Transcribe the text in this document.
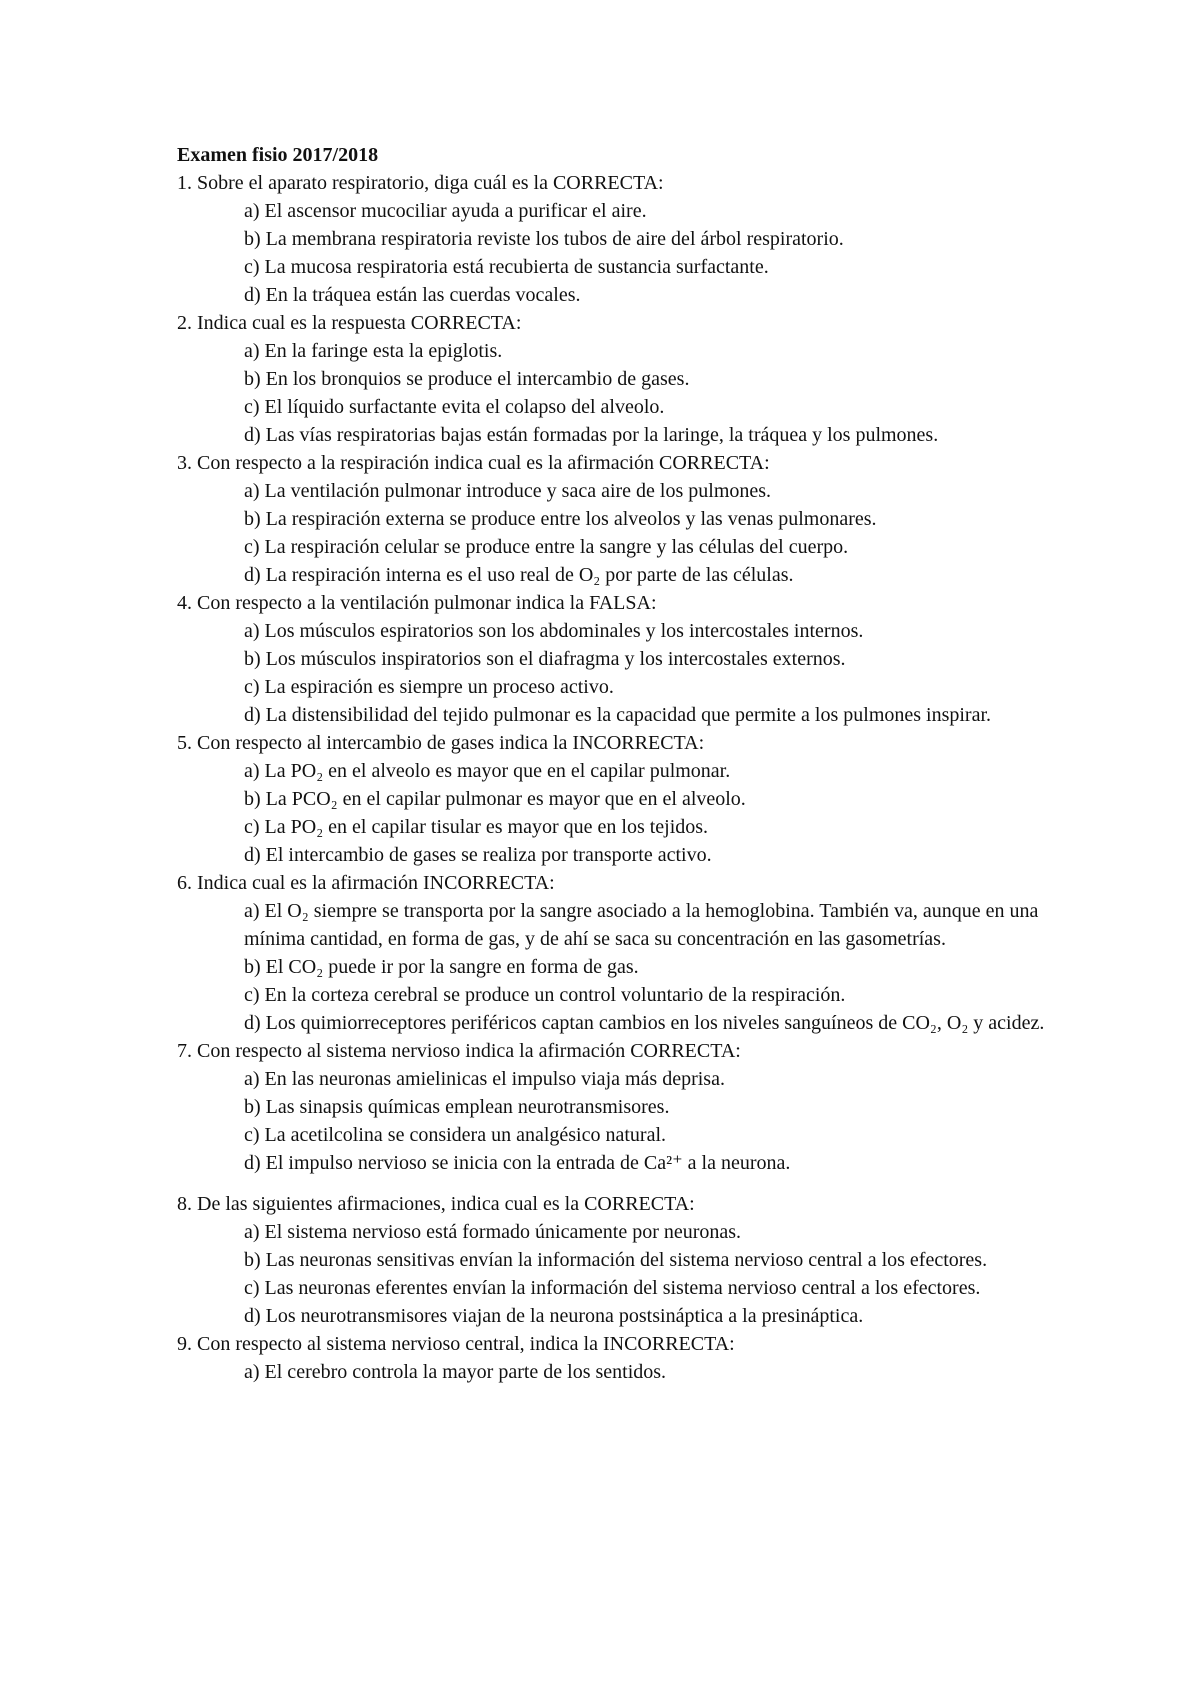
Examen fisio 2017/2018
1. Sobre el aparato respiratorio, diga cuál es la CORRECTA:
a) El ascensor mucociliar ayuda a purificar el aire.
b) La membrana respiratoria reviste los tubos de aire del árbol respiratorio.
c) La mucosa respiratoria está recubierta de sustancia surfactante.
d) En la tráquea están las cuerdas vocales.
2. Indica cual es la respuesta CORRECTA:
a) En la faringe esta la epiglotis.
b) En los bronquios se produce el intercambio de gases.
c) El líquido surfactante evita el colapso del alveolo.
d) Las vías respiratorias bajas están formadas por la laringe, la tráquea y los pulmones.
3. Con respecto a la respiración indica cual es la afirmación CORRECTA:
a) La ventilación pulmonar introduce y saca aire de los pulmones.
b) La respiración externa se produce entre los alveolos y las venas pulmonares.
c) La respiración celular se produce entre la sangre y las células del cuerpo.
d) La respiración interna es el uso real de O₂ por parte de las células.
4. Con respecto a la ventilación pulmonar indica la FALSA:
a) Los músculos espiratorios son los abdominales y los intercostales internos.
b) Los músculos inspiratorios son el diafragma y los intercostales externos.
c) La espiración es siempre un proceso activo.
d) La distensibilidad del tejido pulmonar es la capacidad que permite a los pulmones inspirar.
5. Con respecto al intercambio de gases indica la INCORRECTA:
a) La PO₂ en el alveolo es mayor que en el capilar pulmonar.
b) La PCO₂ en el capilar pulmonar es mayor que en el alveolo.
c) La PO₂ en el capilar tisular es mayor que en los tejidos.
d) El intercambio de gases se realiza por transporte activo.
6. Indica cual es la afirmación INCORRECTA:
a) El O₂ siempre se transporta por la sangre asociado a la hemoglobina. También va, aunque en una mínima cantidad, en forma de gas, y de ahí se saca su concentración en las gasometrías.
b) El CO₂ puede ir por la sangre en forma de gas.
c) En la corteza cerebral se produce un control voluntario de la respiración.
d) Los quimiorreceptores periféricos captan cambios en los niveles sanguíneos de CO₂, O₂ y acidez.
7. Con respecto al sistema nervioso indica la afirmación CORRECTA:
a) En las neuronas amielinicas el impulso viaja más deprisa.
b) Las sinapsis químicas emplean neurotransmisores.
c) La acetilcolina se considera un analgésico natural.
d) El impulso nervioso se inicia con la entrada de Ca²⁺ a la neurona.
8. De las siguientes afirmaciones, indica cual es la CORRECTA:
a) El sistema nervioso está formado únicamente por neuronas.
b) Las neuronas sensitivas envían la información del sistema nervioso central a los efectores.
c) Las neuronas eferentes envían la información del sistema nervioso central a los efectores.
d) Los neurotransmisores viajan de la neurona postsináptica a la presináptica.
9. Con respecto al sistema nervioso central, indica la INCORRECTA:
a) El cerebro controla la mayor parte de los sentidos.
